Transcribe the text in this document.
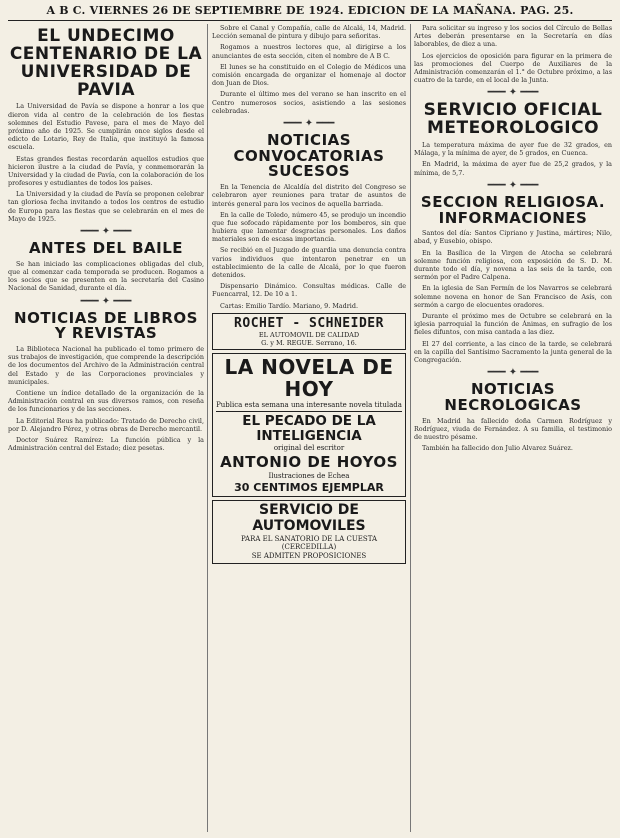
A B C. VIERNES 26 DE SEPTIEMBRE DE 1924. EDICION DE LA MAÑANA. PAG. 25.
EL UNDECIMO CENTENARIO DE LA UNIVERSIDAD DE PAVIA

La Universidad de Pavía se dispone a honrar a los que dieron vida al centro de la celebración de los fiestas solemnes del Estudio Pavese, para el mes de Mayo del próximo año de 1925. Se cumplirán once siglos desde el edicto de Lotario, Rey de Italia, que instituyó la famosa escuela.

Estas grandes fiestas recordarán aquellos estudios que hicieron ilustre a la ciudad de Pavía, y conmemorarán la Universidad y la ciudad de Pavía, con la colaboración de los profesores y estudiantes de todos los países.

La Universidad y la ciudad de Pavía se proponen celebrar tan gloriosa fecha invitando a todos los centros de estudio de Europa para las fiestas que se celebrarán en el mes de Mayo de 1925.

━━━ ✦ ━━━
ANTES DEL BAILE

Se han iniciado las complicaciones obligadas del club, que al comenzar cada temporada se producen. Rogamos a los socios que se presenten en la secretaría del Casino Nacional de Sanidad, durante el día.

━━━ ✦ ━━━
NOTICIAS DE LIBROS Y REVISTAS

La Biblioteca Nacional ha publicado el tomo primero de sus trabajos de investigación, que comprende la descripción de los documentos del Archivo de la Administración central del Estado y de las Corporaciones provinciales y municipales.

Contiene un índice detallado de la organización de la Administración central en sus diversos ramos, con reseña de los funcionarios y de las secciones.

La Editorial Reus ha publicado: Tratado de Derecho civil, por D. Alejandro Pérez, y otras obras de Derecho mercantil.

Doctor Suárez Ramírez: La función pública y la Administración central del Estado; diez pesetas.

Sobre el Canal y Compañía, calle de Alcalá, 14, Madrid. Lección semanal de pintura y dibujo para señoritas.

Rogamos a nuestros lectores que, al dirigirse a los anunciantes de esta sección, citen el nombre de A B C.

El lunes se ha constituido en el Colegio de Médicos una comisión encargada de organizar el homenaje al doctor don Juan de Dios.

Durante el último mes del verano se han inscrito en el Centro numerosos socios, asistiendo a las sesiones celebradas.

━━━ ✦ ━━━
NOTICIAS CONVOCATORIAS SUCESOS

En la Tenencia de Alcaldía del distrito del Congreso se celebraron ayer reuniones para tratar de asuntos de interés general para los vecinos de aquella barriada.

En la calle de Toledo, número 45, se produjo un incendio que fue sofocado rápidamente por los bomberos, sin que hubiera que lamentar desgracias personales. Los daños materiales son de escasa importancia.

Se recibió en el Juzgado de guardia una denuncia contra varios individuos que intentaron penetrar en un establecimiento de la calle de Alcalá, por lo que fueron detenidos.

Dispensario Dinámico. Consultas médicas. Calle de Fuencarral, 12. De 10 a 1.

Cartas: Emilio Tardío. Mariano, 9. Madrid.

ROCHET - SCHNEIDER
EL AUTOMOVIL DE CALIDAD
G. y M. REGUE. Serrano, 16.
LA NOVELA DE HOY
Publica esta semana una interesante novela titulada
EL PECADO DE LA INTELIGENCIA
original del escritor
ANTONIO DE HOYOS
Ilustraciones de Echea
30 CENTIMOS EJEMPLAR
SERVICIO DE AUTOMOVILES
PARA EL SANATORIO DE LA CUESTA (CERCEDILLA)
SE ADMITEN PROPOSICIONES

Para solicitar su ingreso y los socios del Círculo de Bellas Artes deberán presentarse en la Secretaría en días laborables, de diez a una.

Los ejercicios de oposición para figurar en la primera de las promociones del Cuerpo de Auxiliares de la Administración comenzarán el 1.° de Octubre próximo, a las cuatro de la tarde, en el local de la Junta.

━━━ ✦ ━━━
SERVICIO OFICIAL METEOROLOGICO

La temperatura máxima de ayer fue de 32 grados, en Málaga, y la mínima de ayer, de 5 grados, en Cuenca.

En Madrid, la máxima de ayer fue de 25,2 grados, y la mínima, de 5,7.

━━━ ✦ ━━━
SECCION RELIGIOSA. INFORMACIONES

Santos del día: Santos Cipriano y Justina, mártires; Nilo, abad, y Eusebio, obispo.

En la Basílica de la Virgen de Atocha se celebrará solemne función religiosa, con exposición de S. D. M. durante todo el día, y novena a las seis de la tarde, con sermón por el Padre Calpena.

En la iglesia de San Fermín de los Navarros se celebrará solemne novena en honor de San Francisco de Asís, con sermón a cargo de elocuentes oradores.

Durante el próximo mes de Octubre se celebrará en la iglesia parroquial la función de Ánimas, en sufragio de los fieles difuntos, con misa cantada a las diez.

El 27 del corriente, a las cinco de la tarde, se celebrará en la capilla del Santísimo Sacramento la junta general de la Congregación.

━━━ ✦ ━━━
NOTICIAS NECROLOGICAS

En Madrid ha fallecido doña Carmen Rodríguez y Rodríguez, viuda de Fernández. A su familia, el testimonio de nuestro pésame.

También ha fallecido don Julio Alvarez Suárez.
